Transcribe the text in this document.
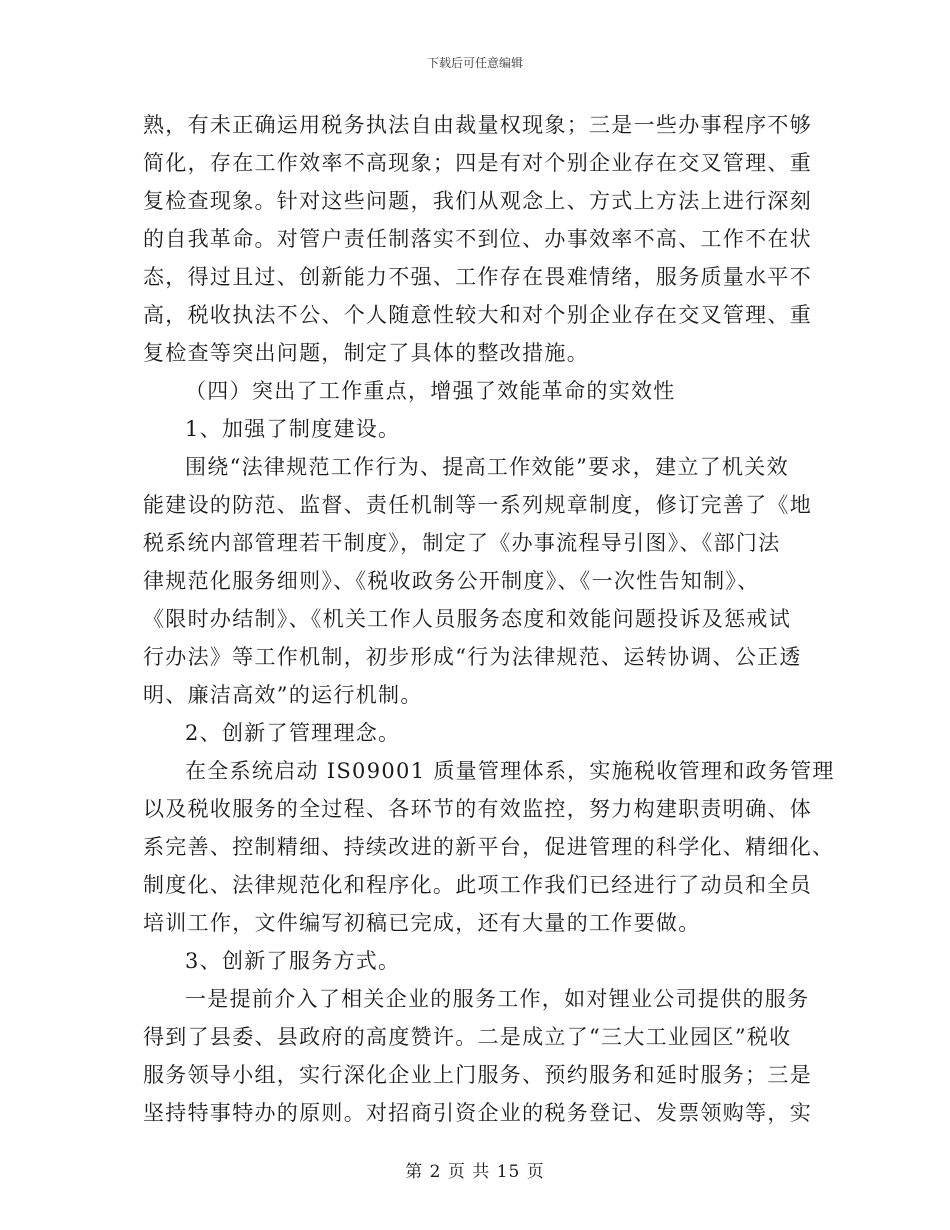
下载后可任意编辑
熟，有未正确运用税务执法自由裁量权现象；三是一些办事程序不够
简化，存在工作效率不高现象；四是有对个别企业存在交叉管理、重
复检查现象。针对这些问题，我们从观念上、方式上方法上进行深刻
的自我革命。对管户责任制落实不到位、办事效率不高、工作不在状
态，得过且过、创新能力不强、工作存在畏难情绪，服务质量水平不
高，税收执法不公、个人随意性较大和对个别企业存在交叉管理、重
复检查等突出问题，制定了具体的整改措施。
（四）突出了工作重点，增强了效能革命的实效性
1、加强了制度建设。
围绕“法律规范工作行为、提高工作效能”要求，建立了机关效
能建设的防范、监督、责任机制等一系列规章制度，修订完善了《地
税系统内部管理若干制度》，制定了《办事流程导引图》、《部门法
律规范化服务细则》、《税收政务公开制度》、《一次性告知制》、
《限时办结制》、《机关工作人员服务态度和效能问题投诉及惩戒试
行办法》等工作机制，初步形成“行为法律规范、运转协调、公正透
明、廉洁高效”的运行机制。
2、创新了管理理念。
在全系统启动 IS09001 质量管理体系，实施税收管理和政务管理
以及税收服务的全过程、各环节的有效监控，努力构建职责明确、体
系完善、控制精细、持续改进的新平台，促进管理的科学化、精细化、
制度化、法律规范化和程序化。此项工作我们已经进行了动员和全员
培训工作，文件编写初稿已完成，还有大量的工作要做。
3、创新了服务方式。
一是提前介入了相关企业的服务工作，如对锂业公司提供的服务
得到了县委、县政府的高度赞许。二是成立了“三大工业园区”税收
服务领导小组，实行深化企业上门服务、预约服务和延时服务；三是
坚持特事特办的原则。对招商引资企业的税务登记、发票领购等，实
第 2 页 共 15 页
